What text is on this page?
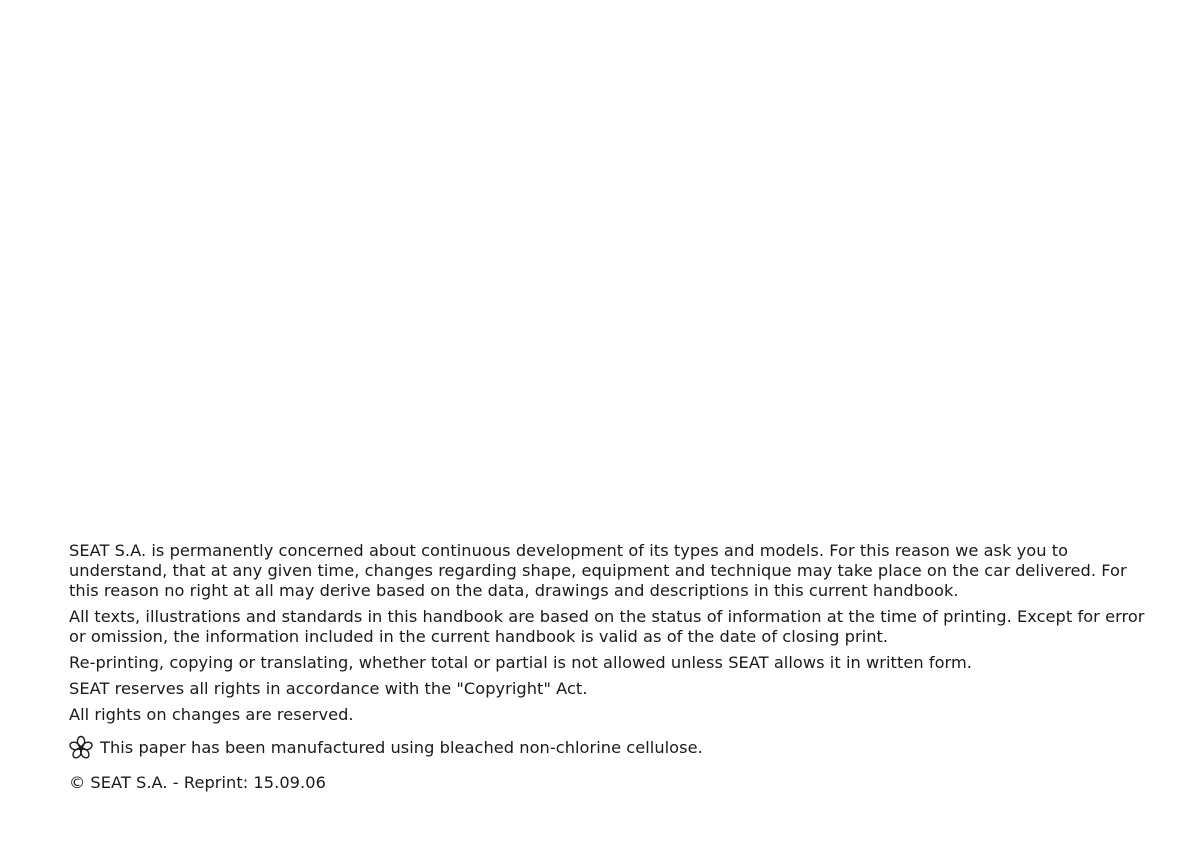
SEAT S.A. is permanently concerned about continuous development of its types and models. For this reason we ask you to understand, that at any given time, changes regarding shape, equipment and technique may take place on the car delivered. For this reason no right at all may derive based on the data, drawings and descriptions in this current handbook.

All texts, illustrations and standards in this handbook are based on the status of information at the time of printing. Except for error or omission, the information included in the current handbook is valid as of the date of closing print.

Re-printing, copying or translating, whether total or partial is not allowed unless SEAT allows it in written form.

SEAT reserves all rights in accordance with the "Copyright" Act.

All rights on changes are reserved.

This paper has been manufactured using bleached non-chlorine cellulose.

© SEAT S.A. - Reprint: 15.09.06
